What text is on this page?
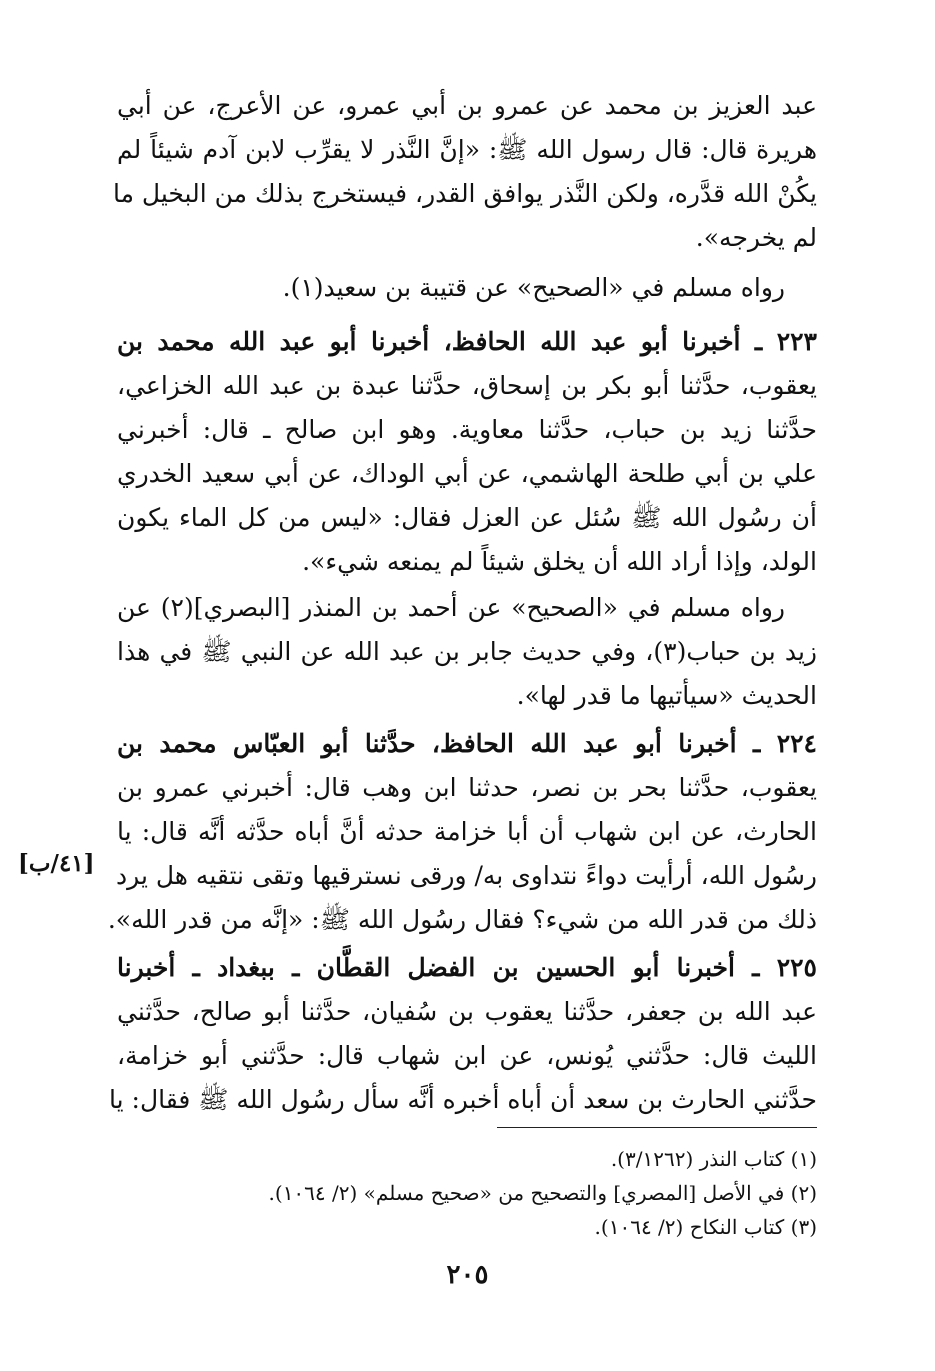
عبد العزيز بن محمد عن عمرو بن أبي عمرو، عن الأعرج، عن أبي
هريرة قال: قال رسول الله ﷺ: «إنَّ النَّذر لا يقرِّب لابن آدم شيئاً لم
يكُنْ الله قدَّره، ولكن النَّذر يوافق القدر، فيستخرج بذلك من البخيل ما
لم يخرجه».
رواه مسلم في «الصحيح» عن قتيبة بن سعيد(١).
٢٢٣ ـ أخبرنا أبو عبد الله الحافظ، أخبرنا أبو عبد الله محمد بن
يعقوب، حدَّثنا أبو بكر بن إسحاق، حدَّثنا عبدة بن عبد الله الخزاعي،
حدَّثنا زيد بن حباب، حدَّثنا معاوية. وهو ابن صالح ـ قال: أخبرني
علي بن أبي طلحة الهاشمي، عن أبي الوداك، عن أبي سعيد الخدري
أن رسُول الله ﷺ سُئل عن العزل فقال: «ليس من كل الماء يكون
الولد، وإذا أراد الله أن يخلق شيئاً لم يمنعه شيء».
رواه مسلم في «الصحيح» عن أحمد بن المنذر [البصري](٢) عن
زيد بن حباب(٣)، وفي حديث جابر بن عبد الله عن النبي ﷺ في هذا
الحديث «سيأتيها ما قدر لها».
٢٢٤ ـ أخبرنا أبو عبد الله الحافظ، حدَّثنا أبو العبّاس محمد بن
يعقوب، حدَّثنا بحر بن نصر، حدثنا ابن وهب قال: أخبرني عمرو بن
الحارث، عن ابن شهاب أن أبا خزامة حدثه أنَّ أباه حدَّثه أنَّه قال: يا
رسُول الله، أرأيت دواءً نتداوى به/ ورقى نسترقيها وتقى نتقيه هل يرد
[٤١/ب]
ذلك من قدر الله من شيء؟ فقال رسُول الله ﷺ: «إنَّه من قدر الله».
٢٢٥ ـ أخبرنا أبو الحسين بن الفضل القطَّان ـ ببغداد ـ أخبرنا
عبد الله بن جعفر، حدَّثنا يعقوب بن سُفيان، حدَّثنا أبو صالح، حدَّثني
الليث قال: حدَّثني يُونس، عن ابن شهاب قال: حدَّثني أبو خزامة،
حدَّثني الحارث بن سعد أن أباه أخبره أنَّه سأل رسُول الله ﷺ فقال: يا
(١) كتاب النذر (٣/١٢٦٢).
(٢) في الأصل [المصري] والتصحيح من «صحيح مسلم» (٢/ ١٠٦٤).
(٣) كتاب النكاح (٢/ ١٠٦٤).
٢٠٥
